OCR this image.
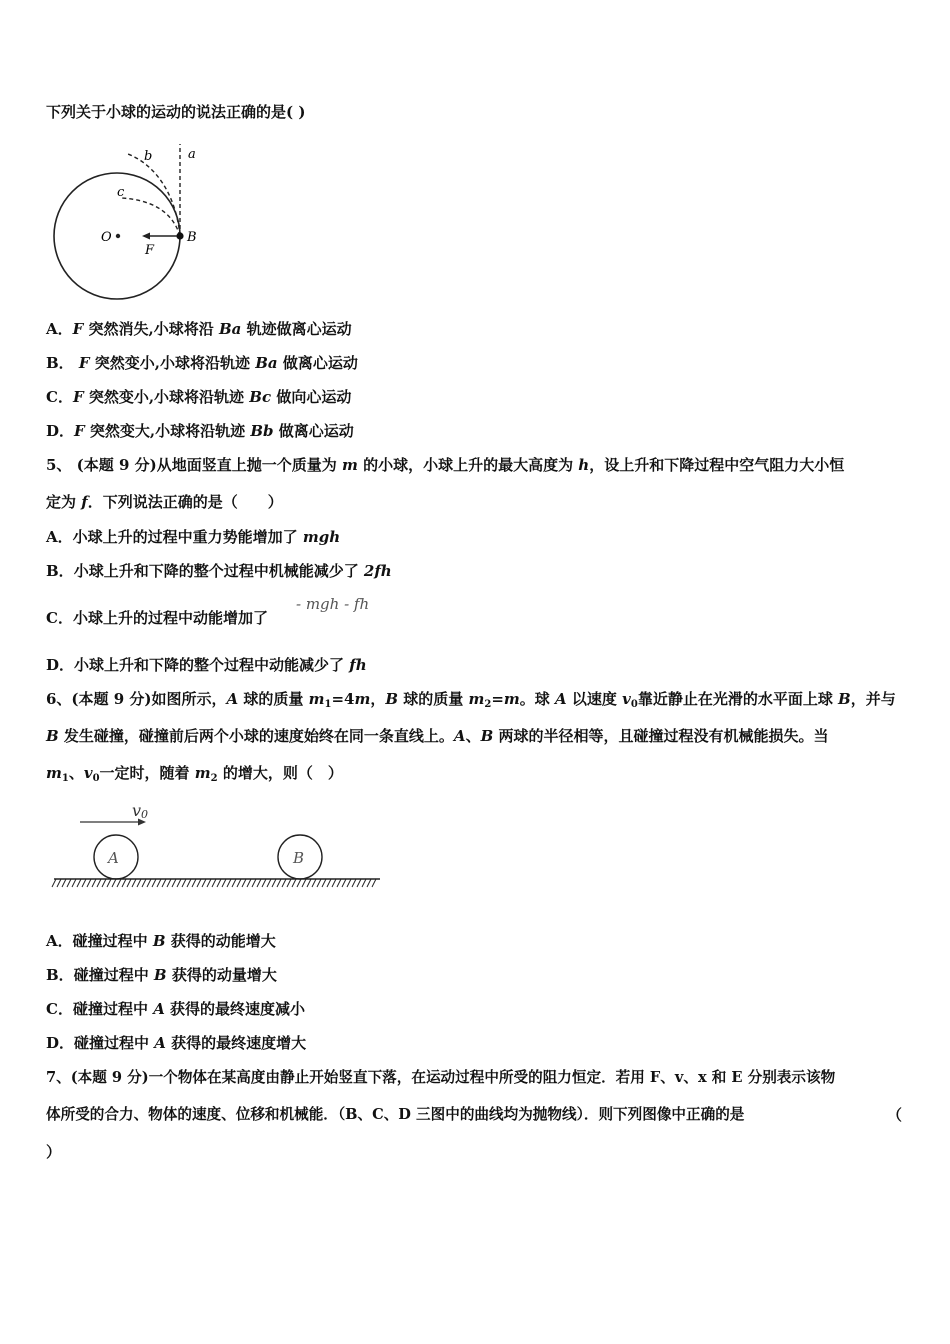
下列关于小球的运动的说法正确的是( )
a
b
c
O
F
B
A．F 突然消失,小球将沿 Ba 轨迹做离心运动
B． F 突然变小,小球将沿轨迹 Ba 做离心运动
C．F 突然变小,小球将沿轨迹 Bc 做向心运动
D．F 突然变大,小球将沿轨迹 Bb 做离心运动
5、 (本题 9 分)从地面竖直上抛一个质量为 m 的小球，小球上升的最大高度为 h，设上升和下降过程中空气阻力大小恒
定为 f．下列说法正确的是（　　）
A．小球上升的过程中重力势能增加了 mgh
B．小球上升和下降的整个过程中机械能减少了 2fh
C．小球上升的过程中动能增加了
- mgh - fh
D．小球上升和下降的整个过程中动能减少了 fh
6、(本题 9 分)如图所示，A 球的质量 $m_1=4m$，B 球的质量 $m_2=m$。球 A 以速度 $v_0$靠近静止在光滑的水平面上球 B，并与
B 发生碰撞，碰撞前后两个小球的速度始终在同一条直线上。A、B 两球的半径相等，且碰撞过程没有机械能损失。当
$m_1$、$v_0$一定时，随着 $m_2$ 的增大，则（　）
v0
A	B
A．碰撞过程中 B 获得的动能增大
B．碰撞过程中 B 获得的动量增大
C．碰撞过程中 A 获得的最终速度减小
D．碰撞过程中 A 获得的最终速度增大
7、(本题 9 分)一个物体在某高度由静止开始竖直下落，在运动过程中所受的阻力恒定．若用 F、v、x 和 E 分别表示该物
体所受的合力、物体的速度、位移和机械能．（B、C、D 三图中的曲线均为抛物线）．则下列图像中正确的是	（
）
